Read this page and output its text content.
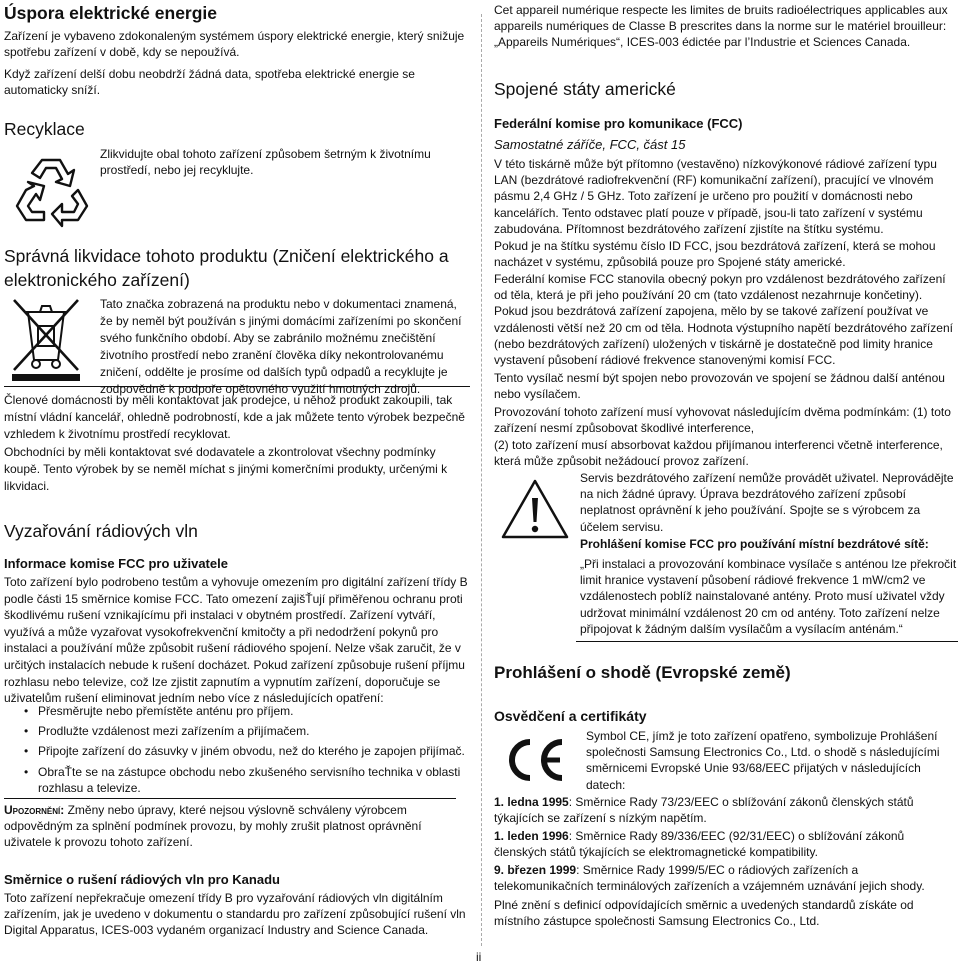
Úspora elektrické energie

Zařízení je vybaveno zdokonaleným systémem úspory elektrické energie, který snižuje spotřebu zařízení v době, kdy se nepoužívá.

Když zařízení delší dobu neobdrží žádná data, spotřeba elektrické energie se automaticky sníží.

Recyklace

Zlikvidujte obal tohoto zařízení způsobem šetrným k životnímu prostředí, nebo jej recyklujte.

Správná likvidace tohoto produktu (Zničení elektrického a elektronického zařízení)

Tato značka zobrazená na produktu nebo v dokumentaci znamená, že by neměl být používán s jinými domácími zařízeními po skončení svého funkčního období. Aby se zabránilo možnému znečištění životního prostředí nebo zranění člověka díky nekontrolovanému zničení, oddělte je prosíme od dalších typů odpadů a recyklujte je zodpovědně k podpoře opětovného využití hmotných zdrojů.

Členové domácnosti by měli kontaktovat jak prodejce, u něhož produkt zakoupili, tak místní vládní kancelář, ohledně podrobností, kde a jak můžete tento výrobek bezpečně vzhledem k životnímu prostředí recyklovat.

Obchodníci by měli kontaktovat své dodavatele a zkontrolovat všechny podmínky koupě. Tento výrobek by se neměl míchat s jinými komerčními produkty, určenými k likvidaci.

Vyzařování rádiových vln
Informace komise FCC pro uživatele

Toto zařízení bylo podrobeno testům a vyhovuje omezením pro digitální zařízení třídy B podle části 15 směrnice komise FCC. Tato omezení zajišŤují přiměřenou ochranu proti škodlivému rušení vznikajícímu při instalaci v obytném prostředí. Zařízení vytváří, využívá a může vyzařovat vysokofrekvenční kmitočty a při nedodržení pokynů pro instalaci a používání může způsobit rušení rádiového spojení. Nelze však zaručit, že v určitých instalacích nebude k rušení docházet. Pokud zařízení způsobuje rušení příjmu rozhlasu nebo televize, což lze zjistit zapnutím a vypnutím zařízení, doporučuje se uživatelům rušení eliminovat jedním nebo více z následujících opatření:

• Přesměrujte nebo přemístěte anténu pro příjem.
• Prodlužte vzdálenost mezi zařízením a přijímačem.
• Připojte zařízení do zásuvky v jiném obvodu, než do kterého je zapojen přijímač.
• ObraŤte se na zástupce obchodu nebo zkušeného servisního technika v oblasti rozhlasu a televize.

Upozornění: Změny nebo úpravy, které nejsou výslovně schváleny výrobcem odpovědným za splnění podmínek provozu, by mohly zrušit platnost oprávnění uživatele k provozu tohoto zařízení.

Směrnice o rušení rádiových vln pro Kanadu

Toto zařízení nepřekračuje omezení třídy B pro vyzařování rádiových vln digitálním zařízením, jak je uvedeno v dokumentu o standardu pro zařízení způsobující rušení vln Digital Apparatus, ICES-003 vydaném organizací Industry and Science Canada.

Cet appareil numérique respecte les limites de bruits radioélectriques applicables aux appareils numériques de Classe B prescrites dans la norme sur le matériel brouilleur: „Appareils Numériques“, ICES-003 édictée par l’Industrie et Sciences Canada.

Spojené státy americké
Federální komise pro komunikace (FCC)
Samostatné záříče, FCC, část 15

V této tiskárně může být přítomno (vestavěno) nízkovýkonové rádiové zařízení typu LAN (bezdrátové radiofrekvenční (RF) komunikační zařízení), pracující ve vlnovém pásmu 2,4 GHz / 5 GHz. Toto zařízení je určeno pro použití v domácnosti nebo kancelářích. Tento odstavec platí pouze v případě, jsou-li tato zařízení v systému zabudována. Přítomnost bezdrátového zařízení zjistíte na štítku systému.

Pokud je na štítku systému číslo ID FCC, jsou bezdrátová zařízení, která se mohou nacházet v systému, způsobilá pouze pro Spojené státy americké.

Federální komise FCC stanovila obecný pokyn pro vzdálenost bezdrátového zařízení od těla, která je při jeho používání 20 cm (tato vzdálenost nezahrnuje končetiny). Pokud jsou bezdrátová zařízení zapojena, mělo by se takové zařízení používat ve vzdálenosti větší než 20 cm od těla. Hodnota výstupního napětí bezdrátového zařízení (nebo bezdrátových zařízení) uložených v tiskárně je dostatečně pod limity hranice vystavení působení rádiové frekvence stanovenými komisí FCC.

Tento vysílač nesmí být spojen nebo provozován ve spojení se žádnou další anténou nebo vysílačem.

Provozování tohoto zařízení musí vyhovovat následujícím dvěma podmínkám: (1) toto zařízení nesmí způsobovat škodlivé interference,

(2) toto zařízení musí absorbovat každou přijímanou interferenci včetně interference, která může způsobit nežádoucí provoz zařízení.

Servis bezdrátového zařízení nemůže provádět uživatel. Neprovádějte na nich žádné úpravy. Úprava bezdrátového zařízení způsobí neplatnost oprávnění k jeho používání. Spojte se s výrobcem za účelem servisu.

Prohlášení komise FCC pro používání místní bezdrátové sítě:

„Při instalaci a provozování kombinace vysílače s anténou lze překročit limit hranice vystavení působení rádiové frekvence 1 mW/cm2 ve vzdálenostech poblíž nainstalované antény. Proto musí uživatel vždy udržovat minimální vzdálenost 20 cm od antény. Toto zařízení nelze připojovat k žádným dalším vysílačům a vysílacím anténám.“

Prohlášení o shodě (Evropské země)
Osvědčení a certifikáty

Symbol CE, jímž je toto zařízení opatřeno, symbolizuje Prohlášení společnosti Samsung Electronics Co., Ltd. o shodě s následujícími směrnicemi Evropské Unie 93/68/EEC přijatých v následujících datech:

1. ledna 1995: Směrnice Rady 73/23/EEC o sblížování zákonů členských států týkajících se zařízení s nízkým napětím.

1. leden 1996: Směrnice Rady 89/336/EEC (92/31/EEC) o sblížování zákonů členských států týkajících se elektromagnetické kompatibility.

9. březen 1999: Směrnice Rady 1999/5/EC o rádiových zařízeních a telekomunikačních terminálových zařízeních a vzájemném uznávání jejich shody.

Plné znění s definicí odpovídajících směrnic a uvedených standardů získáte od místního zástupce společnosti Samsung Electronics Co., Ltd.

ii
